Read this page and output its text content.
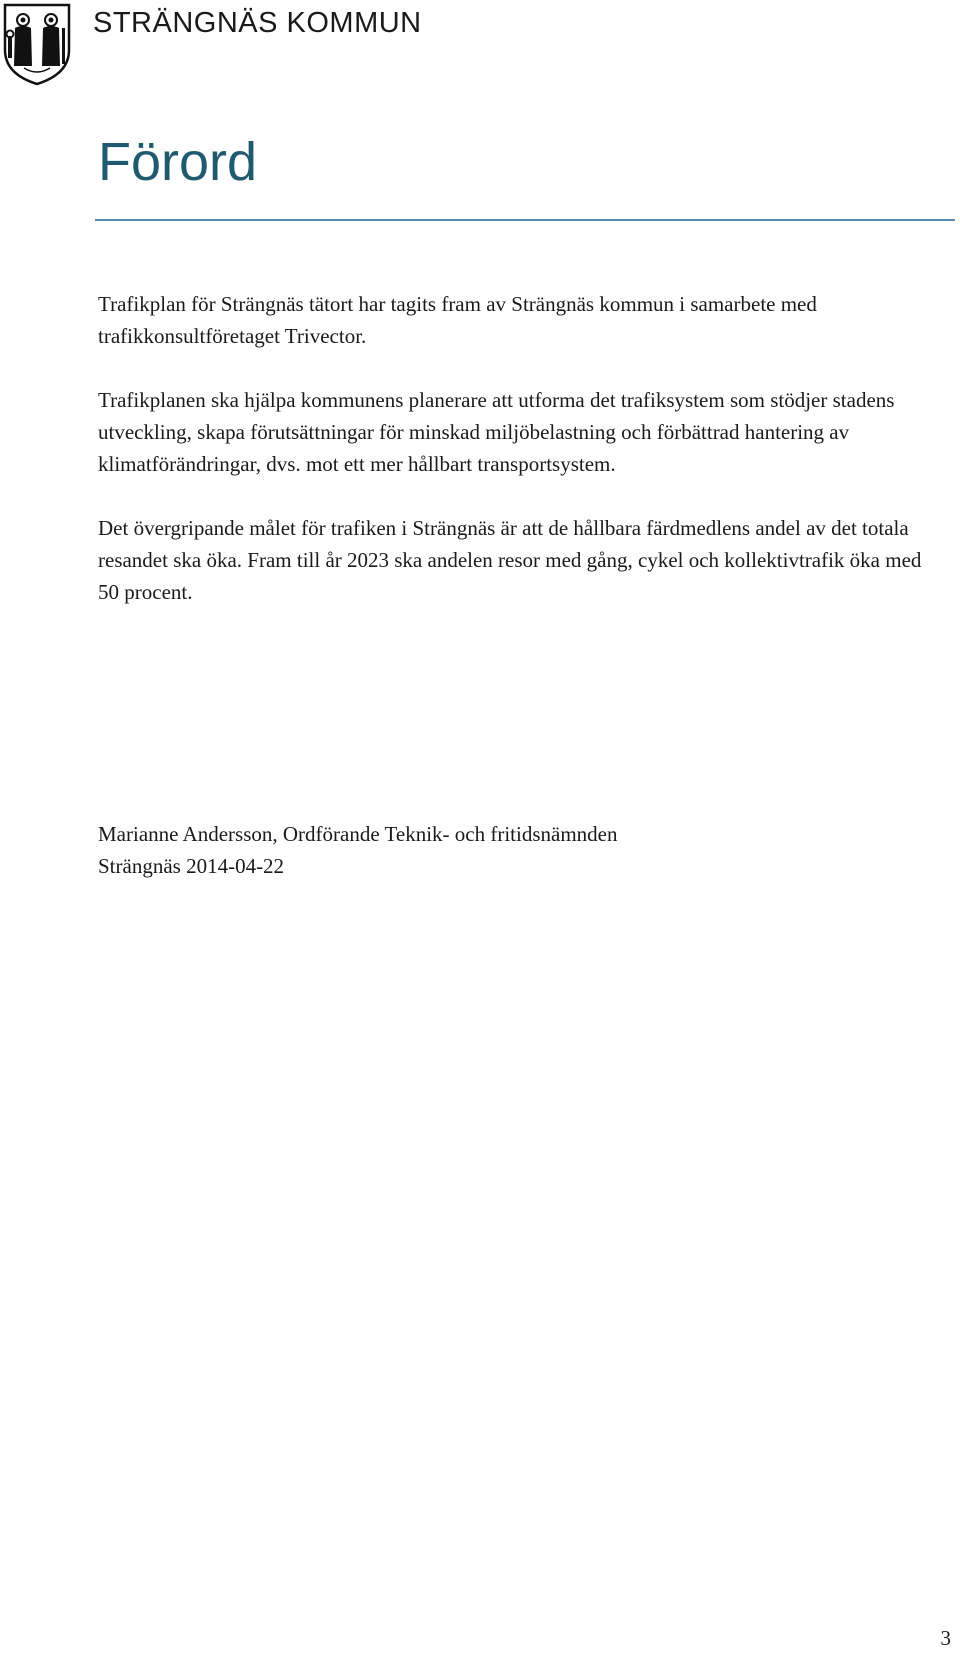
STRÄNGNÄS KOMMUN
Förord

Trafikplan för Strängnäs tätort har tagits fram av Strängnäs kommun i samarbete med trafikkonsultföretaget Trivector.

Trafikplanen ska hjälpa kommunens planerare att utforma det trafiksystem som stödjer stadens utveckling, skapa förutsättningar för minskad miljöbelastning och förbättrad hantering av klimatförändringar, dvs. mot ett mer hållbart transportsystem.

Det övergripande målet för trafiken i Strängnäs är att de hållbara färdmedlens andel av det totala resandet ska öka. Fram till år 2023 ska andelen resor med gång, cykel och kollektivtrafik öka med 50 procent.

Marianne Andersson, Ordförande Teknik- och fritidsnämnden
Strängnäs 2014-04-22
3
